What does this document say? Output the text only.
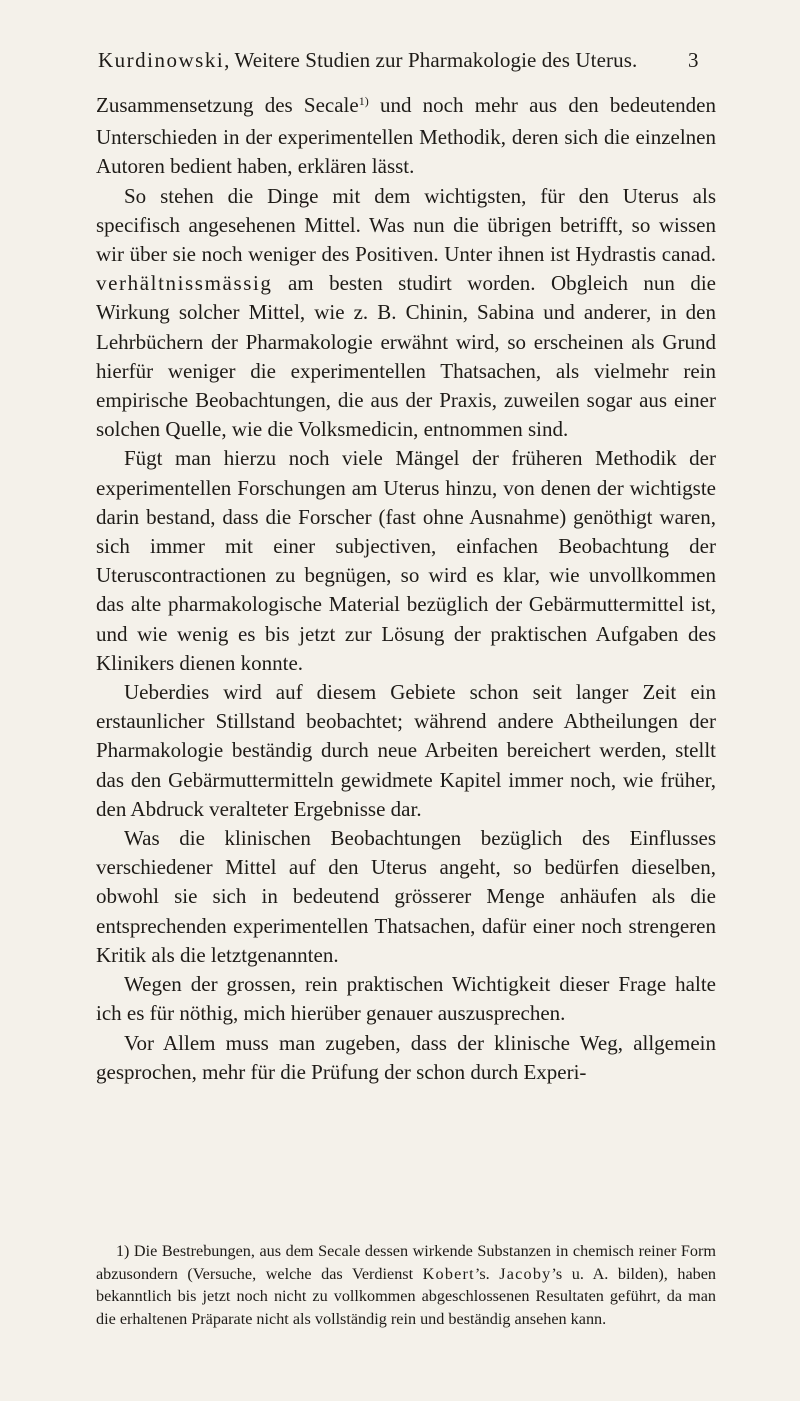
Kurdinowski, Weitere Studien zur Pharmakologie des Uterus.	3

Zusammensetzung des Secale$^{1)}$ und noch mehr aus den bedeutenden Unterschieden in der experimentellen Methodik, deren sich die einzelnen Autoren bedient haben, erklären lässt.

So stehen die Dinge mit dem wichtigsten, für den Uterus als specifisch angesehenen Mittel. Was nun die übrigen betrifft, so wissen wir über sie noch weniger des Positiven. Unter ihnen ist Hydrastis canad. verhältnissmässig am besten studirt worden. Obgleich nun die Wirkung solcher Mittel, wie z. B. Chinin, Sabina und anderer, in den Lehrbüchern der Pharmakologie erwähnt wird, so erscheinen als Grund hierfür weniger die experimentellen Thatsachen, als vielmehr rein empirische Beobachtungen, die aus der Praxis, zuweilen sogar aus einer solchen Quelle, wie die Volksmedicin, entnommen sind.

Fügt man hierzu noch viele Mängel der früheren Methodik der experimentellen Forschungen am Uterus hinzu, von denen der wichtigste darin bestand, dass die Forscher (fast ohne Ausnahme) genöthigt waren, sich immer mit einer subjectiven, einfachen Beobachtung der Uteruscontractionen zu begnügen, so wird es klar, wie unvollkommen das alte pharmakologische Material bezüglich der Gebärmuttermittel ist, und wie wenig es bis jetzt zur Lösung der praktischen Aufgaben des Klinikers dienen konnte.

Ueberdies wird auf diesem Gebiete schon seit langer Zeit ein erstaunlicher Stillstand beobachtet; während andere Abtheilungen der Pharmakologie beständig durch neue Arbeiten bereichert werden, stellt das den Gebärmuttermitteln gewidmete Kapitel immer noch, wie früher, den Abdruck veralteter Ergebnisse dar.

Was die klinischen Beobachtungen bezüglich des Einflusses verschiedener Mittel auf den Uterus angeht, so bedürfen dieselben, obwohl sie sich in bedeutend grösserer Menge anhäufen als die entsprechenden experimentellen Thatsachen, dafür einer noch strengeren Kritik als die letztgenannten.

Wegen der grossen, rein praktischen Wichtigkeit dieser Frage halte ich es für nöthig, mich hierüber genauer auszusprechen.

Vor Allem muss man zugeben, dass der klinische Weg, allgemein gesprochen, mehr für die Prüfung der schon durch Experi-

1) Die Bestrebungen, aus dem Secale dessen wirkende Substanzen in chemisch reiner Form abzusondern (Versuche, welche das Verdienst Kobert’s. Jacoby’s u. A. bilden), haben bekanntlich bis jetzt noch nicht zu vollkommen abgeschlossenen Resultaten geführt, da man die erhaltenen Präparate nicht als vollständig rein und beständig ansehen kann.
